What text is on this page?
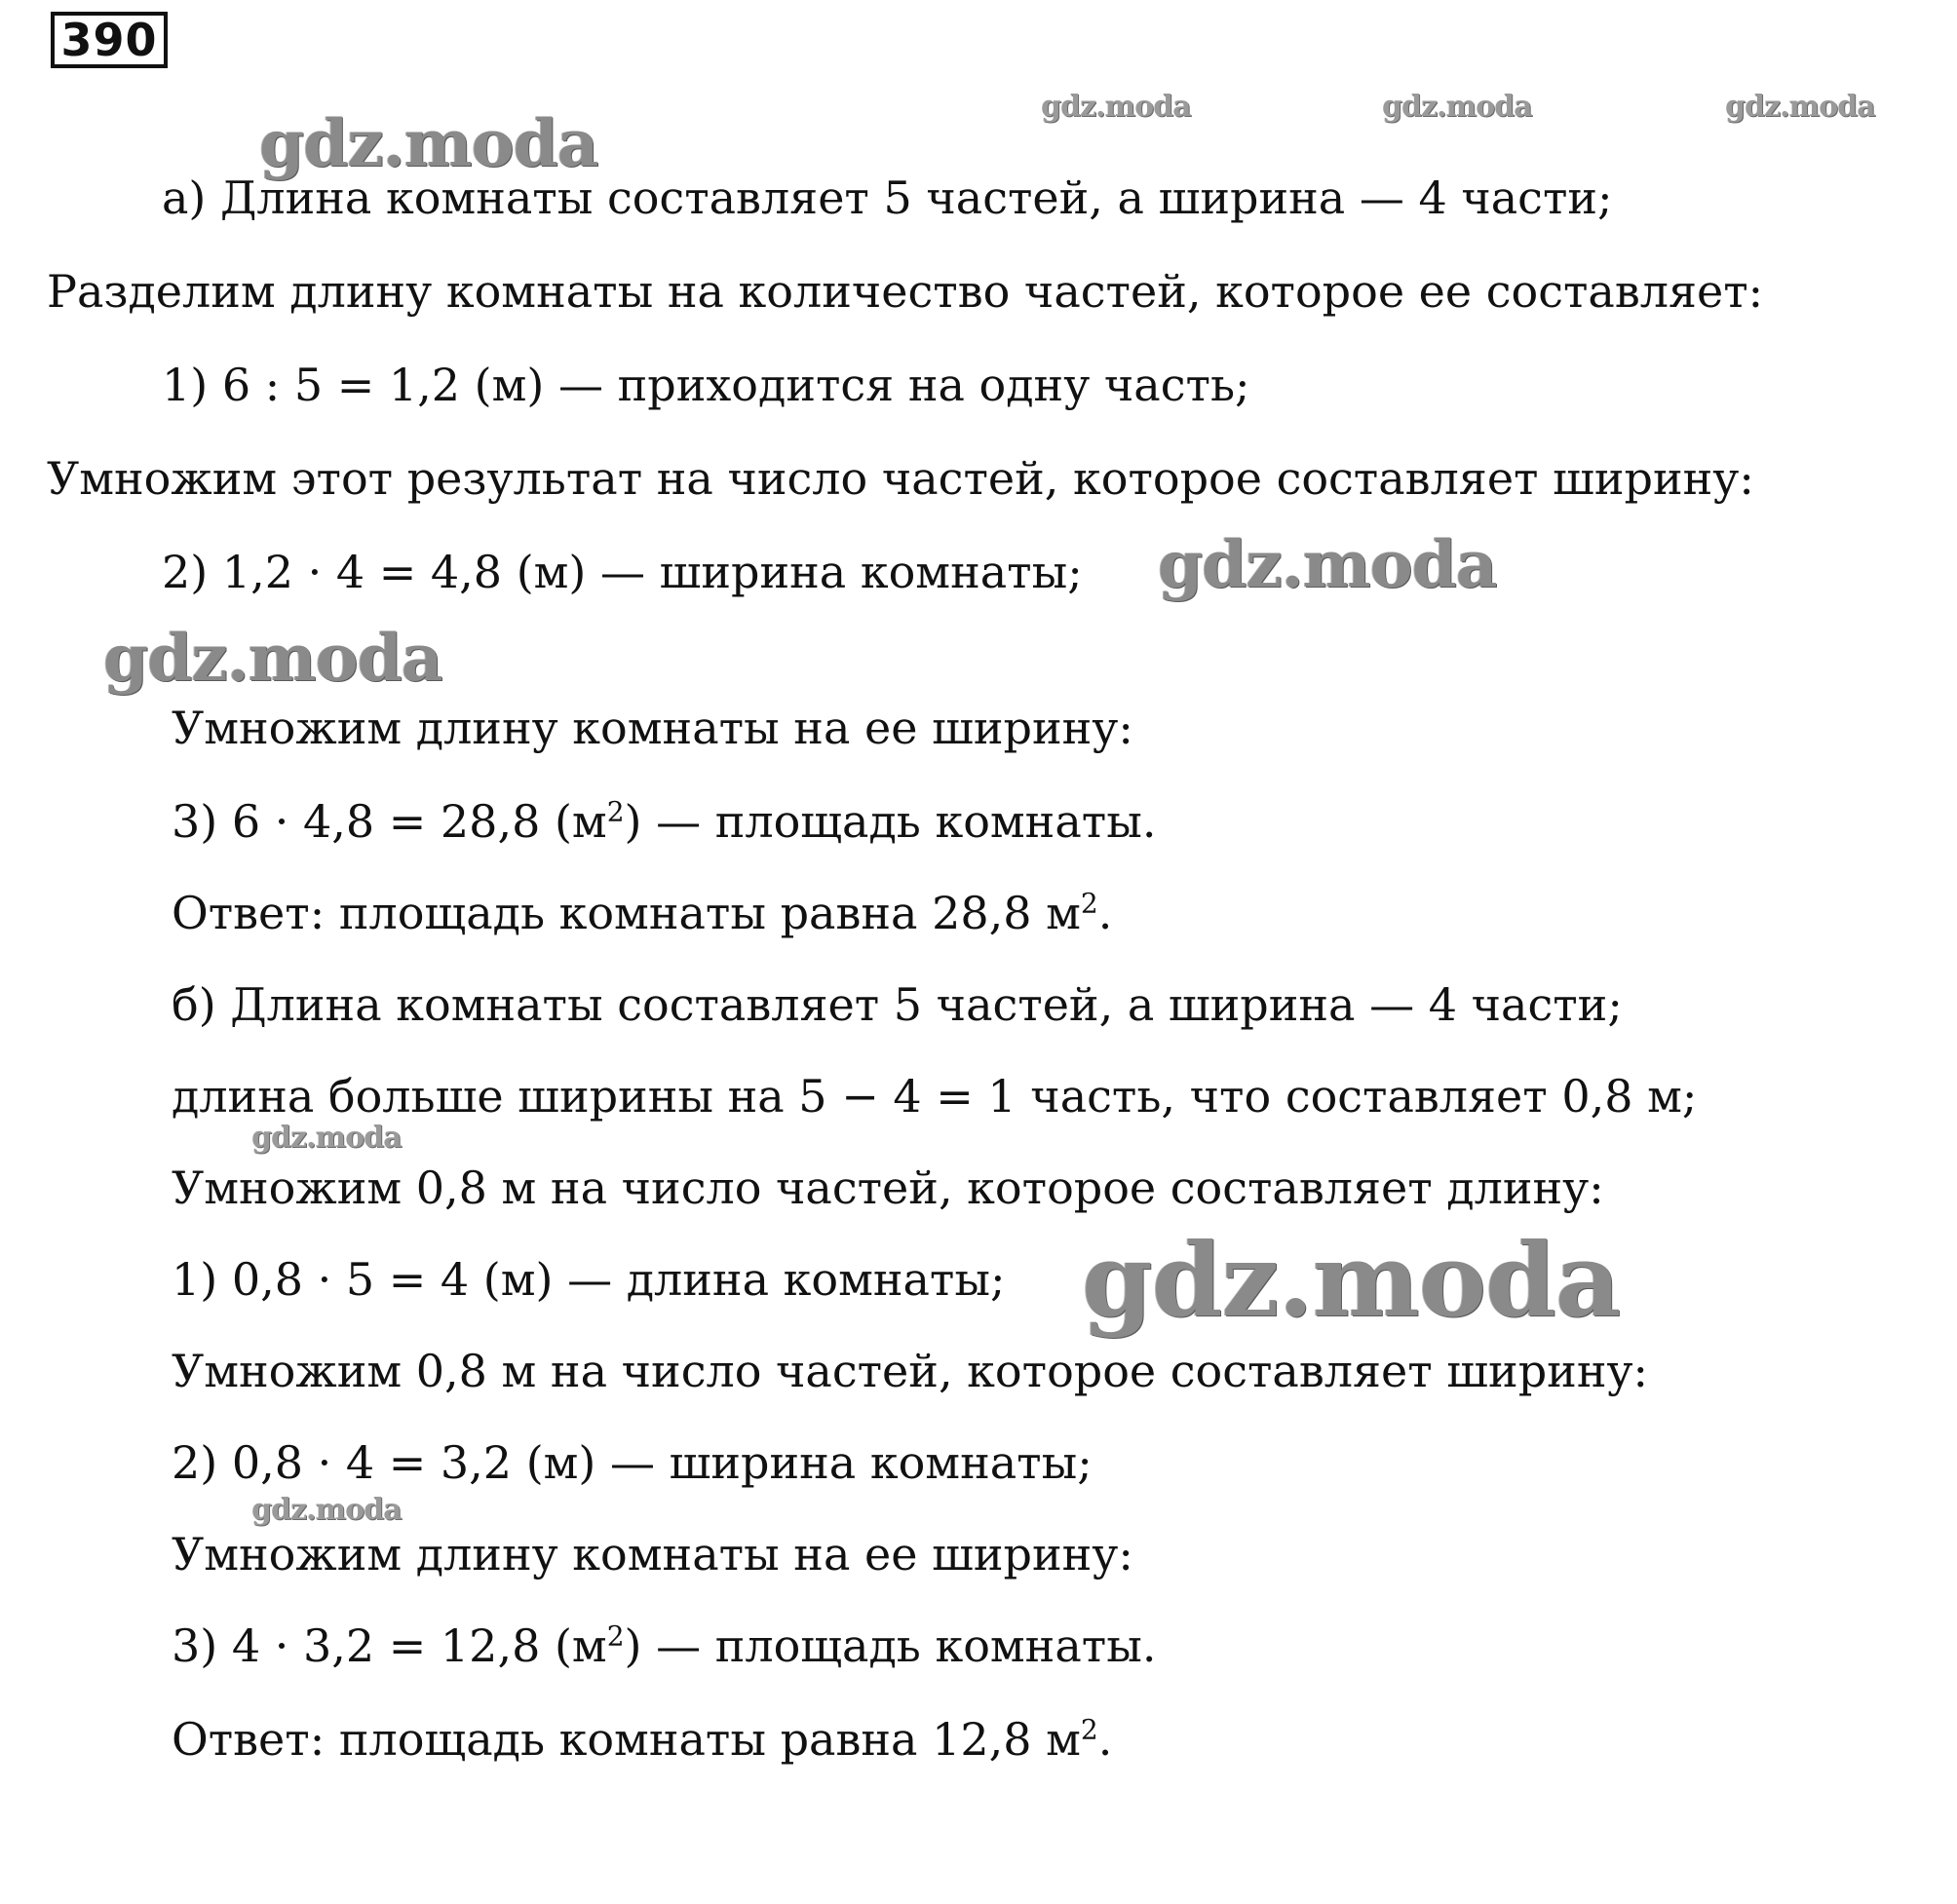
390
gdz.moda	gdz.moda	gdz.moda
gdz.moda
gdz.moda
gdz.moda
а) Длина комнаты составляет 5 частей, а ширина — 4 части;
Разделим длину комнаты на количество частей, которое ее составляет:
1) 6 : 5 = 1,2 (м) — приходится на одну часть;
Умножим этот результат на число частей, которое составляет ширину:
2) 1,2 · 4 = 4,8 (м) — ширина комнаты;
Умножим длину комнаты на ее ширину:
3) 6 · 4,8 = 28,8 $(м^2)$ — площадь комнаты.
Ответ: площадь комнаты равна 28,8 $м^2$.
б) Длина комнаты составляет 5 частей, а ширина — 4 части;
длина больше ширины на 5 − 4 = 1 часть, что составляет 0,8 м;
gdz.moda
Умножим 0,8 м на число частей, которое составляет длину:
1) 0,8 · 5 = 4 (м) — длина комнаты; gdz.moda
Умножим 0,8 м на число частей, которое составляет ширину:
2) 0,8 · 4 = 3,2 (м) — ширина комнаты;
gdz.moda
Умножим длину комнаты на ее ширину:
3) 4 · 3,2 = 12,8 $(м^2)$ — площадь комнаты.
Ответ: площадь комнаты равна 12,8 $м^2$.
